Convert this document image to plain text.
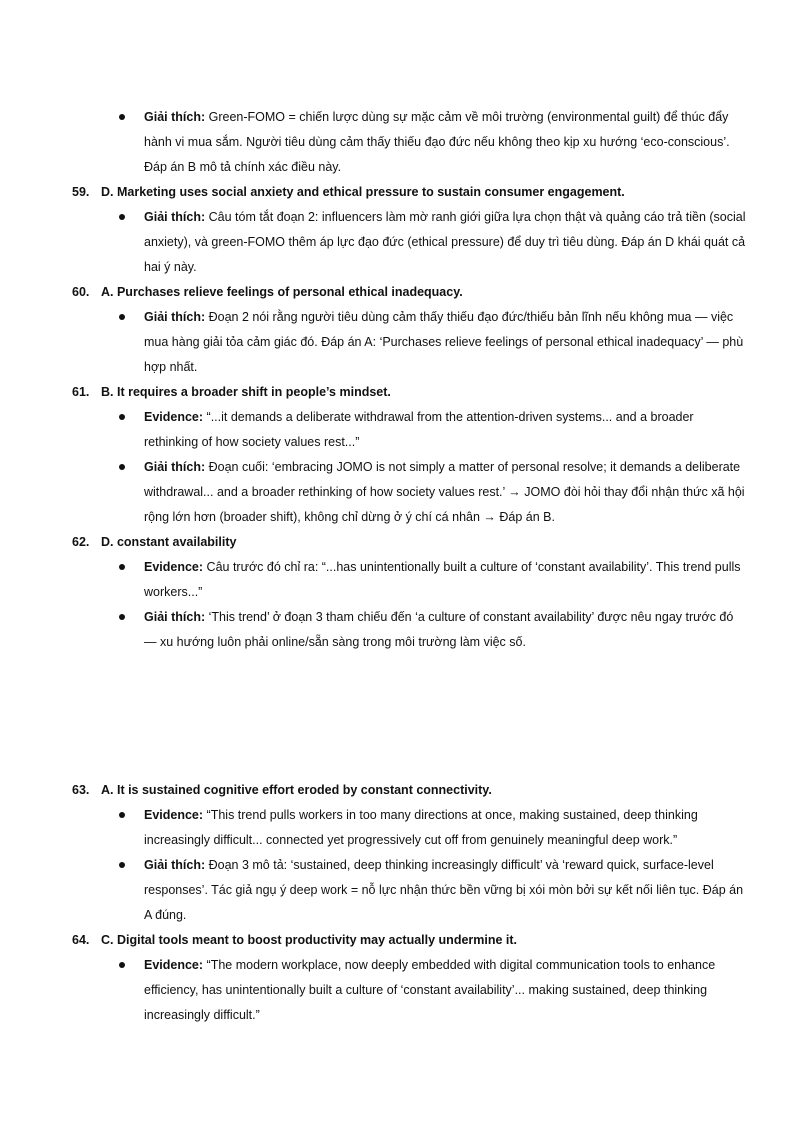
Giải thích: Green-FOMO = chiến lược dùng sự mặc cảm về môi trường (environmental guilt) để thúc đẩy hành vi mua sắm. Người tiêu dùng cảm thấy thiếu đạo đức nếu không theo kịp xu hướng ‘eco-conscious’. Đáp án B mô tả chính xác điều này.
59. D. Marketing uses social anxiety and ethical pressure to sustain consumer engagement.
Giải thích: Câu tóm tắt đoạn 2: influencers làm mờ ranh giới giữa lựa chọn thật và quảng cáo trả tiền (social anxiety), và green-FOMO thêm áp lực đạo đức (ethical pressure) để duy trì tiêu dùng. Đáp án D khái quát cả hai ý này.
60. A. Purchases relieve feelings of personal ethical inadequacy.
Giải thích: Đoạn 2 nói rằng người tiêu dùng cảm thấy thiếu đạo đức/thiếu bản lĩnh nếu không mua — việc mua hàng giải tỏa cảm giác đó. Đáp án A: ‘Purchases relieve feelings of personal ethical inadequacy’ — phù hợp nhất.
61. B. It requires a broader shift in people’s mindset.
Evidence: “...it demands a deliberate withdrawal from the attention-driven systems... and a broader rethinking of how society values rest...”
Giải thích: Đoạn cuối: ‘embracing JOMO is not simply a matter of personal resolve; it demands a deliberate withdrawal... and a broader rethinking of how society values rest.’ → JOMO đòi hỏi thay đổi nhận thức xã hội rộng lớn hơn (broader shift), không chỉ dừng ở ý chí cá nhân → Đáp án B.
62. D. constant availability
Evidence: Câu trước đó chỉ ra: “...has unintentionally built a culture of ‘constant availability’. This trend pulls workers...”
Giải thích: ‘This trend’ ở đoạn 3 tham chiếu đến ‘a culture of constant availability’ được nêu ngay trước đó — xu hướng luôn phải online/sẵn sàng trong môi trường làm việc số.
63. A. It is sustained cognitive effort eroded by constant connectivity.
Evidence: “This trend pulls workers in too many directions at once, making sustained, deep thinking increasingly difficult... connected yet progressively cut off from genuinely meaningful deep work.”
Giải thích: Đoạn 3 mô tả: ‘sustained, deep thinking increasingly difficult’ và ‘reward quick, surface-level responses’. Tác giả ngụ ý deep work = nỗ lực nhận thức bền vững bị xói mòn bởi sự kết nối liên tục. Đáp án A đúng.
64. C. Digital tools meant to boost productivity may actually undermine it.
Evidence: “The modern workplace, now deeply embedded with digital communication tools to enhance efficiency, has unintentionally built a culture of ‘constant availability’... making sustained, deep thinking increasingly difficult.”
